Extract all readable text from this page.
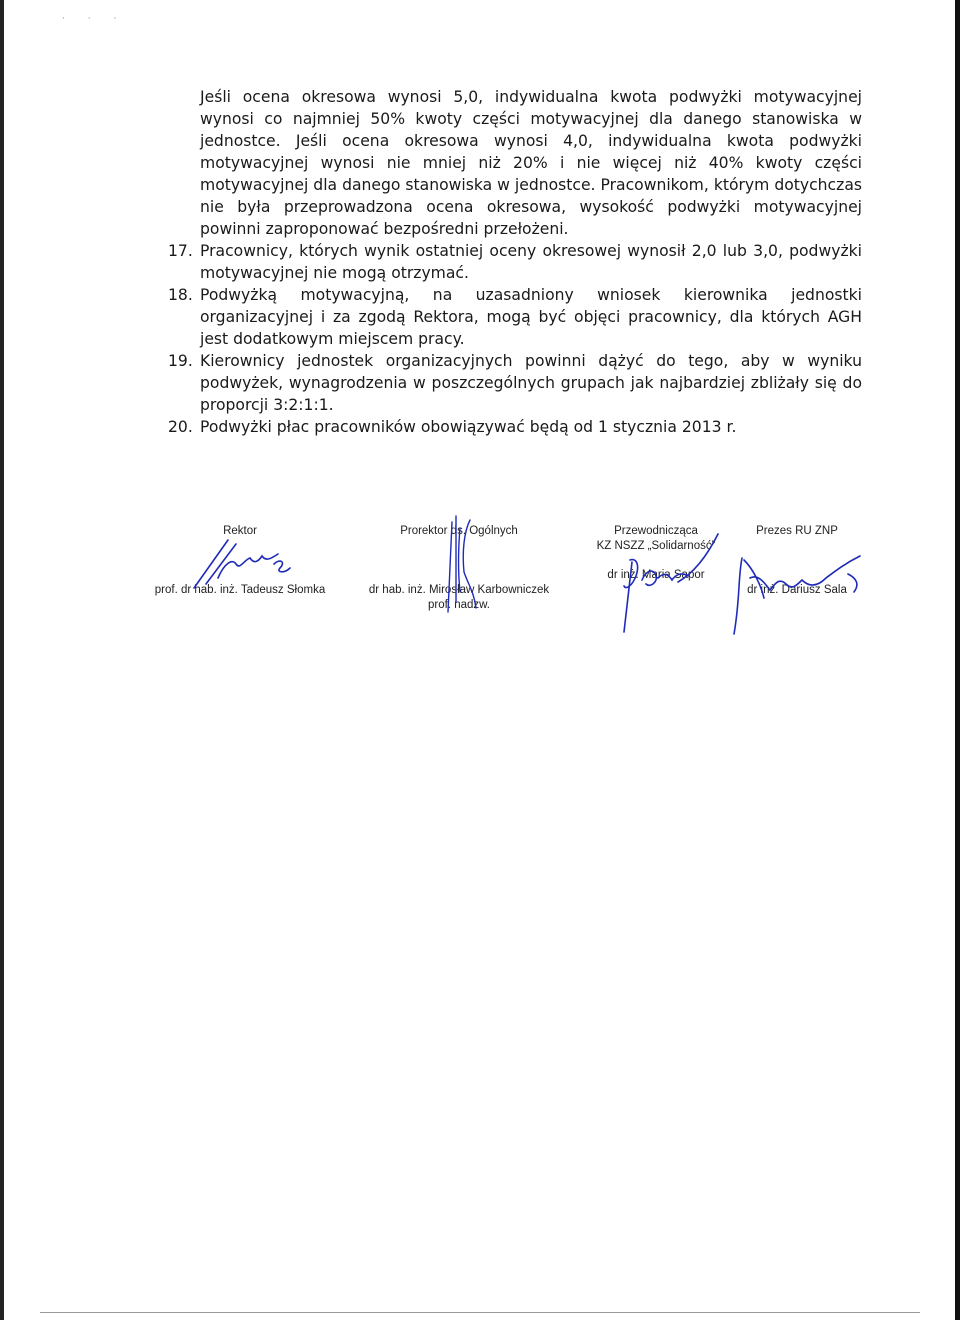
· · ·

Jeśli ocena okresowa wynosi 5,0, indywidualna kwota podwyżki motywacyjnej wynosi co najmniej 50% kwoty części motywacyjnej dla danego stanowiska w jednostce. Jeśli ocena okresowa wynosi 4,0, indywidualna kwota podwyżki motywacyjnej wynosi nie mniej niż 20% i nie więcej niż 40% kwoty części motywacyjnej dla danego stanowiska w jednostce. Pracownikom, którym dotychczas nie była przeprowadzona ocena okresowa, wysokość podwyżki motywacyjnej powinni zaproponować bezpośredni przełożeni.

17. Pracownicy, których wynik ostatniej oceny okresowej wynosił 2,0 lub 3,0, podwyżki motywacyjnej nie mogą otrzymać.
18. Podwyżką motywacyjną, na uzasadniony wniosek kierownika jednostki organizacyjnej i za zgodą Rektora, mogą być objęci pracownicy, dla których AGH jest dodatkowym miejscem pracy.
19. Kierownicy jednostek organizacyjnych powinni dążyć do tego, aby w wyniku podwyżek, wynagrodzenia w poszczególnych grupach jak najbardziej zbliżały się do proporcji 3:2:1:1.
20. Podwyżki płac pracowników obowiązywać będą od 1 stycznia 2013 r.
Rektor
prof. dr hab. inż. Tadeusz Słomka
Prorektor ds. Ogólnych
dr hab. inż. Mirosław Karbowniczek
prof. nadzw.
Przewodnicząca
KZ NSZZ „Solidarność”
dr inż. Maria Sapor
Prezes RU ZNP
dr inż. Dariusz Sala
